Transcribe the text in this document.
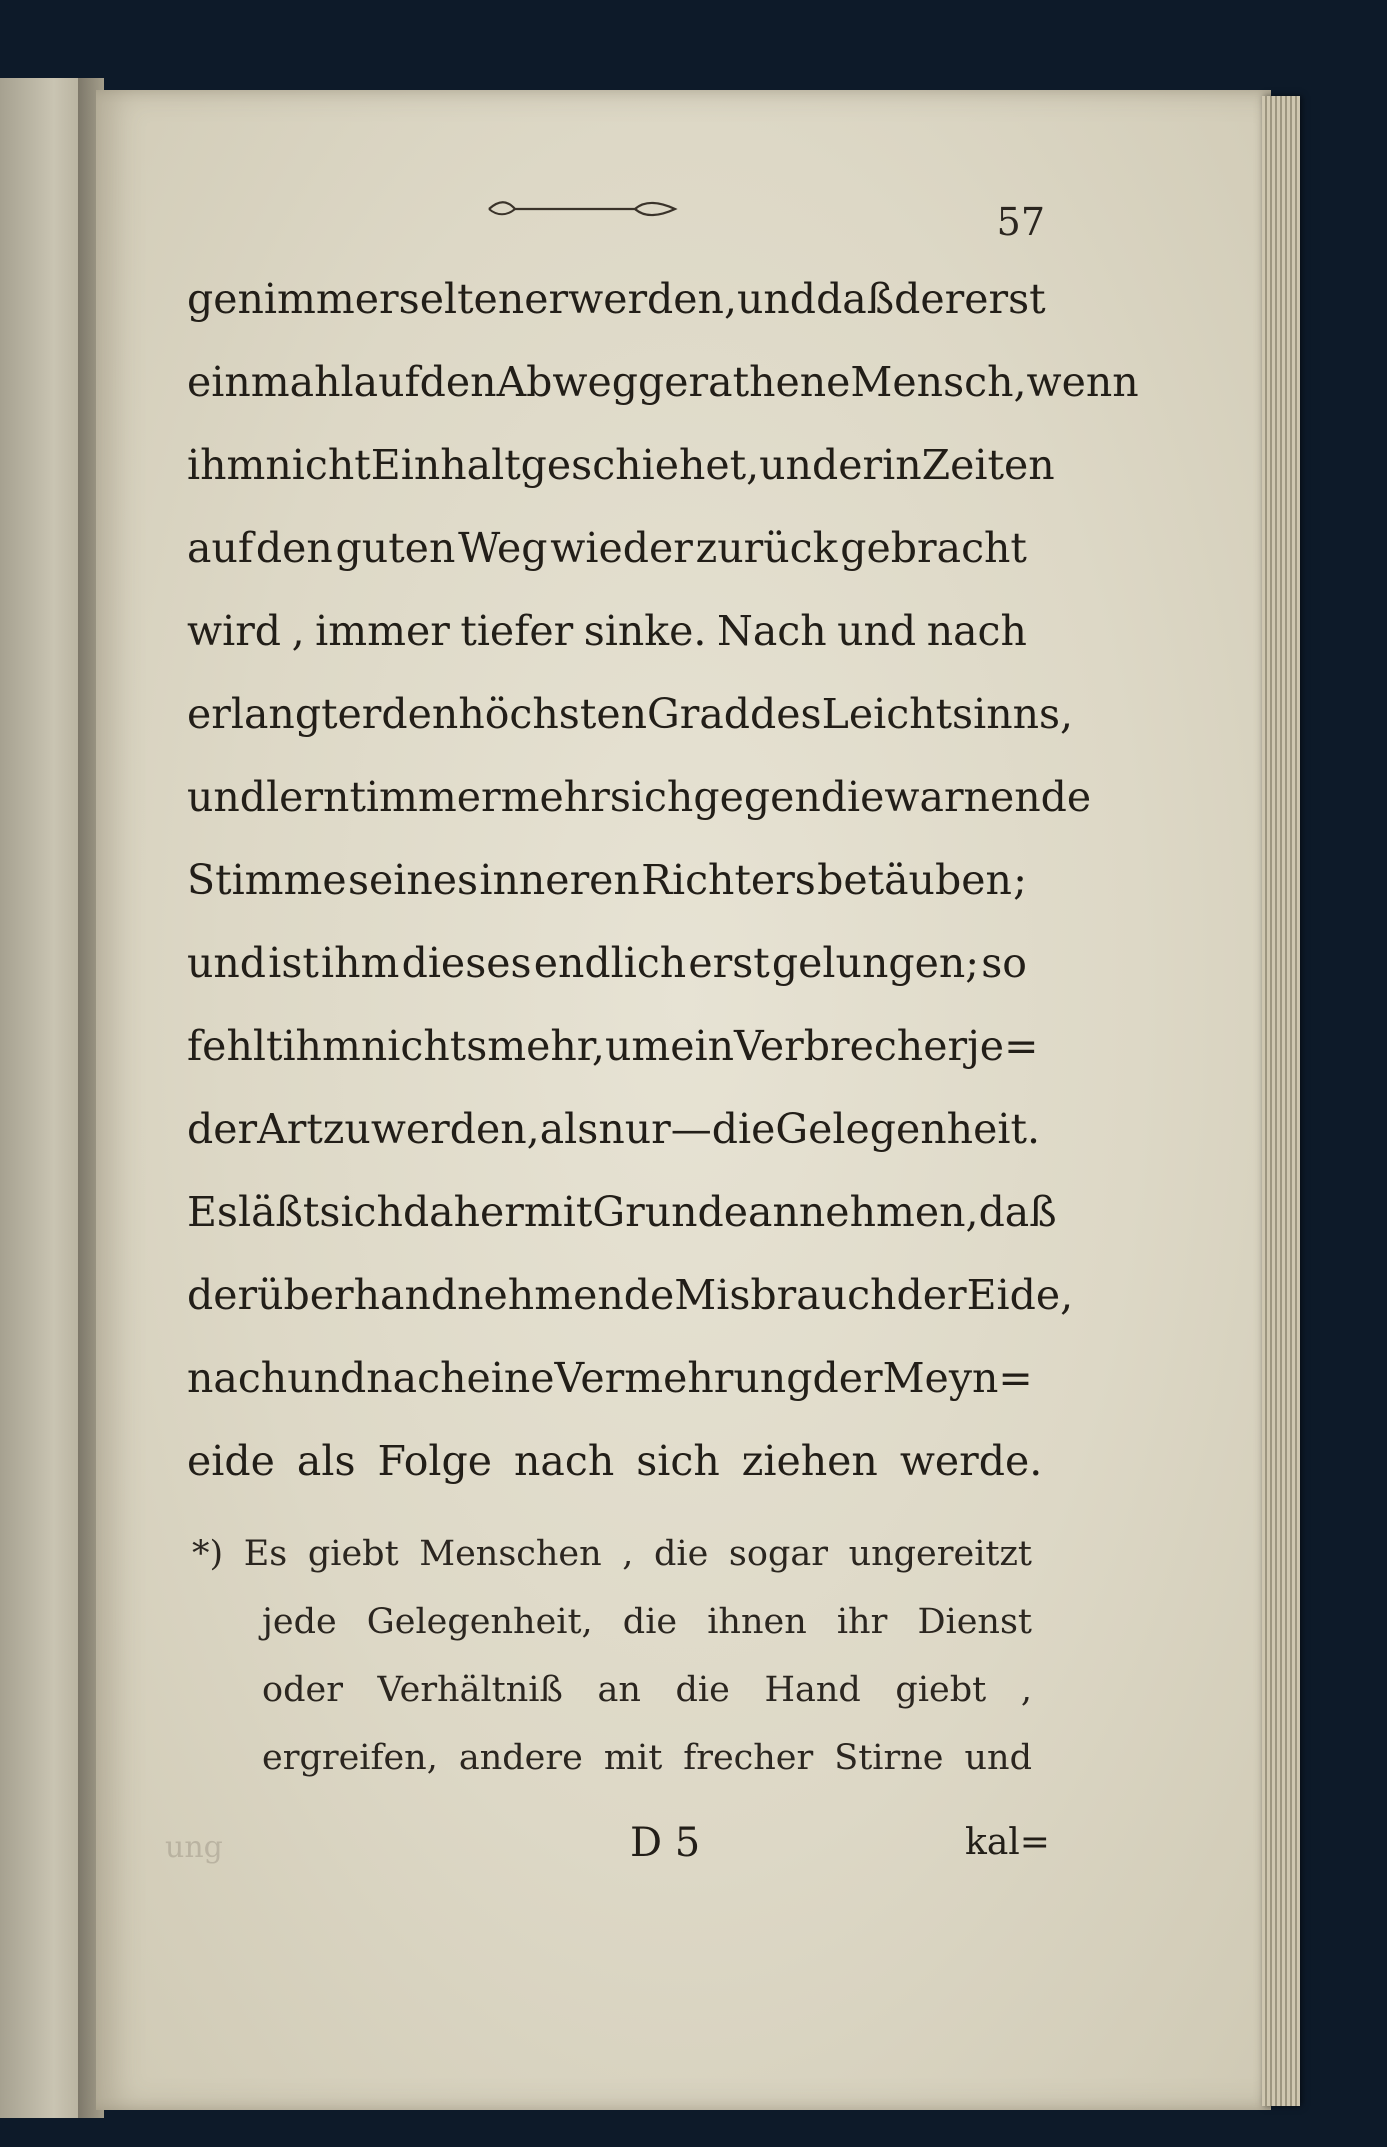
57
gen immer seltener werden, und daß der erst
einmahl auf den Abweg gerathene Mensch, wenn
ihm nicht Einhalt geschiehet, und er in Zeiten
auf den guten Weg wieder zurück gebracht
wird , immer tiefer sinke. Nach und nach
erlangt er den höchsten Grad des Leichtsinns,
und lernt immer mehr sich gegen die warnende
Stimme seines inneren Richters betäuben ;
und ist ihm dieses endlich erst gelungen; so
fehlt ihm nichts mehr, um ein Verbrecher je=
der Art zu werden, als nur—die Gelegenheit.
Es läßt sich daher mit Grunde annehmen, daß
der überhandnehmende Misbrauch der Eide,
nach und nach eine Vermehrung der Meyn=
eide als Folge nach sich ziehen werde.
*) Es giebt Menschen , die sogar ungereitzt
jede Gelegenheit, die ihnen ihr Dienst
oder Verhältniß an die Hand giebt ,
ergreifen, andere mit frecher Stirne und
ung	D 5	kal=
